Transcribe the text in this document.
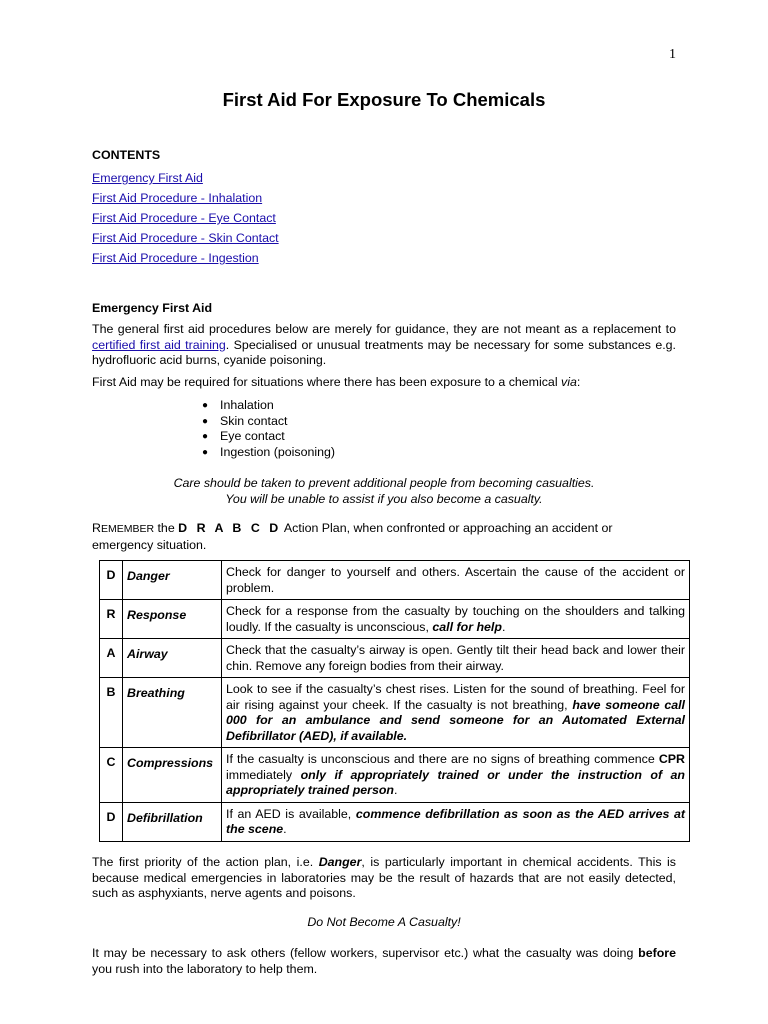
1
First Aid For Exposure To Chemicals
CONTENTS
Emergency First Aid
First Aid Procedure - Inhalation
First Aid Procedure - Eye Contact
First Aid Procedure - Skin Contact
First Aid Procedure - Ingestion
Emergency First Aid
The general first aid procedures below are merely for guidance, they are not meant as a replacement to certified first aid training. Specialised or unusual treatments may be necessary for some substances e.g. hydrofluoric acid burns, cyanide poisoning.
First Aid may be required for situations where there has been exposure to a chemical via:
● Inhalation
● Skin contact
● Eye contact
● Ingestion (poisoning)
Care should be taken to prevent additional people from becoming casualties.
You will be unable to assist if you also become a casualty.
REMEMBER the D R A B C D Action Plan, when confronted or approaching an accident or emergency situation.
D	Danger	Check for danger to yourself and others. Ascertain the cause of the accident or problem.
R	Response	Check for a response from the casualty by touching on the shoulders and talking loudly. If the casualty is unconscious, call for help.
A	Airway	Check that the casualty’s airway is open. Gently tilt their head back and lower their chin. Remove any foreign bodies from their airway.
B	Breathing	Look to see if the casualty’s chest rises. Listen for the sound of breathing. Feel for air rising against your cheek. If the casualty is not breathing, have someone call 000 for an ambulance and send someone for an Automated External Defibrillator (AED), if available.
C	Compressions	If the casualty is unconscious and there are no signs of breathing commence CPR immediately only if appropriately trained or under the instruction of an appropriately trained person.
D	Defibrillation	If an AED is available, commence defibrillation as soon as the AED arrives at the scene.
The first priority of the action plan, i.e. Danger, is particularly important in chemical accidents. This is because medical emergencies in laboratories may be the result of hazards that are not easily detected, such as asphyxiants, nerve agents and poisons.
Do Not Become A Casualty!
It may be necessary to ask others (fellow workers, supervisor etc.) what the casualty was doing before you rush into the laboratory to help them.
